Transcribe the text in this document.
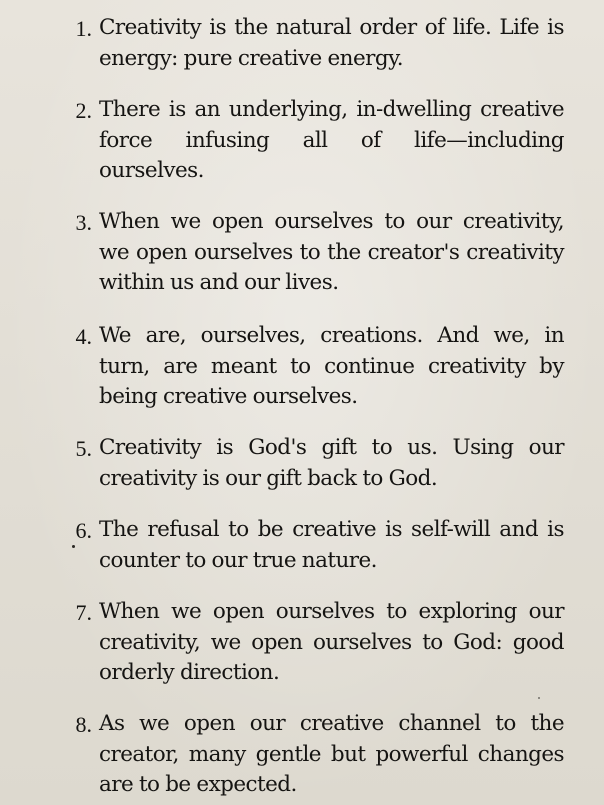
1. Creativity is the natural order of life. Life is energy: pure creative energy.
2. There is an underlying, in-dwelling creative force infusing all of life—including ourselves.
3. When we open ourselves to our creativity, we open ourselves to the creator's creativity within us and our lives.
4. We are, ourselves, creations. And we, in turn, are meant to continue creativity by being creative ourselves.
5. Creativity is God's gift to us. Using our creativity is our gift back to God.
6. The refusal to be creative is self-will and is counter to our true nature.
7. When we open ourselves to exploring our creativity, we open ourselves to God: good orderly direction.
8. As we open our creative channel to the creator, many gentle but powerful changes are to be expected.
